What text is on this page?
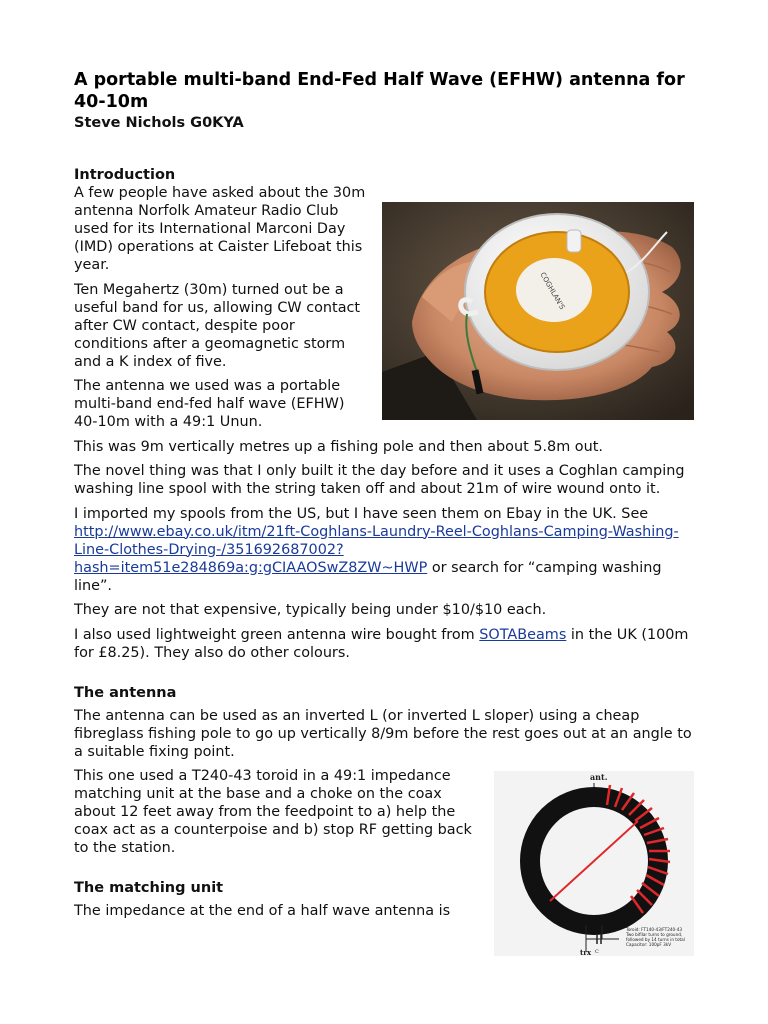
A portable multi-band End-Fed Half Wave (EFHW) antenna for 40-10m

Steve Nichols G0KYA

Introduction
COGHLAN'S

A few people have asked about the 30m antenna Norfolk Amateur Radio Club used for its International Marconi Day (IMD) operations at Caister Lifeboat this year.

Ten Megahertz (30m) turned out be a useful band for us, allowing CW contact after CW contact, despite poor conditions after a geomagnetic storm and a K index of five.

The antenna we used was a portable multi-band end-fed half wave (EFHW) 40-10m with a 49:1 Unun.

This was 9m vertically metres up a fishing pole and then about 5.8m out.

The novel thing was that I only built it the day before and it uses a Coghlan camping washing line spool with the string taken off and about 21m of wire wound onto it.

I imported my spools from the US, but I have seen them on Ebay in the UK. See http://www.ebay.co.uk/itm/21ft-Coghlans-Laundry-Reel-Coghlans-Camping-Washing-Line-Clothes-Drying-/351692687002?hash=item51e284869a:g:gCIAAOSwZ8ZW~HWP or search for “camping washing line”.

They are not that expensive, typically being under $10/$10 each.

I also used lightweight green antenna wire bought from SOTABeams in the UK (100m for £8.25). They also do other colours.

The antenna

The antenna can be used as an inverted L (or inverted L sloper) using a cheap fibreglass fishing pole to go up vertically 8/9m before the rest goes out at an angle to a suitable fixing point.

ant.
C
trx
Toroid: FT140-43/FT240-43
Two bifilar turns to ground,
followed by 14 turns in total
Capacitor: 100pF 3kV

This one used a T240-43 toroid in a 49:1 impedance matching unit at the base and a choke on the coax about 12 feet away from the feedpoint to a) help the coax act as a counterpoise and b) stop RF getting back to the station.

The matching unit

The impedance at the end of a half wave antenna is
